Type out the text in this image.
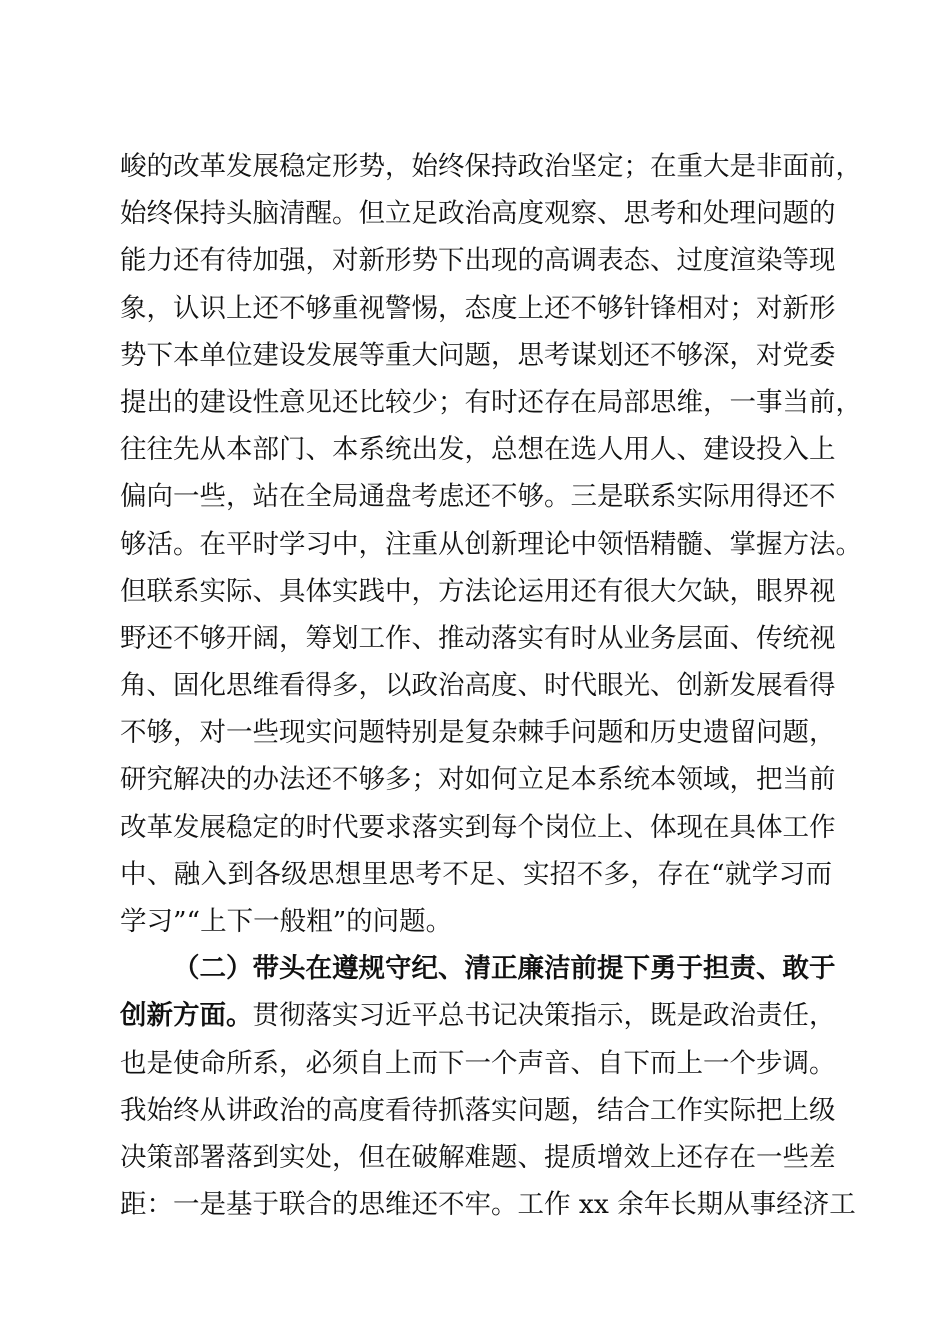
峻的改革发展稳定形势，始终保持政治坚定；在重大是非面前，
始终保持头脑清醒。但立足政治高度观察、思考和处理问题的
能力还有待加强，对新形势下出现的高调表态、过度渲染等现
象，认识上还不够重视警惕，态度上还不够针锋相对；对新形
势下本单位建设发展等重大问题，思考谋划还不够深，对党委
提出的建设性意见还比较少；有时还存在局部思维，一事当前，
往往先从本部门、本系统出发，总想在选人用人、建设投入上
偏向一些，站在全局通盘考虑还不够。三是联系实际用得还不
够活。在平时学习中，注重从创新理论中领悟精髓、掌握方法。
但联系实际、具体实践中，方法论运用还有很大欠缺，眼界视
野还不够开阔，筹划工作、推动落实有时从业务层面、传统视
角、固化思维看得多，以政治高度、时代眼光、创新发展看得
不够，对一些现实问题特别是复杂棘手问题和历史遗留问题，
研究解决的办法还不够多；对如何立足本系统本领域，把当前
改革发展稳定的时代要求落实到每个岗位上、体现在具体工作
中、融入到各级思想里思考不足、实招不多，存在“就学习而
学习”“上下一般粗”的问题。
（二）带头在遵规守纪、清正廉洁前提下勇于担责、敢于
创新方面。贯彻落实习近平总书记决策指示，既是政治责任，
也是使命所系，必须自上而下一个声音、自下而上一个步调。
我始终从讲政治的高度看待抓落实问题，结合工作实际把上级
决策部署落到实处，但在破解难题、提质增效上还存在一些差
距：一是基于联合的思维还不牢。工作 xx 余年长期从事经济工
